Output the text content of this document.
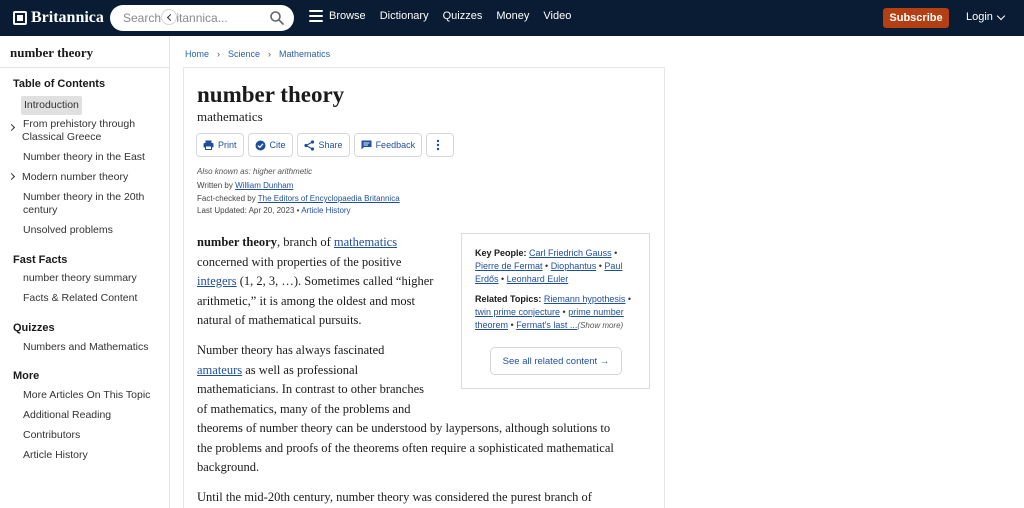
Britannica
Search Britannica...	Browse Dictionary Quizzes Money Video	Subscribe	Login
number theory
Table of Contents
Introduction
From prehistory through
Classical Greece
Number theory in the East
Modern number theory
Number theory in the 20th
century
Unsolved problems
Fast Facts
number theory summary
Facts & Related Content
Quizzes
Numbers and Mathematics
More
More Articles On This Topic
Additional Reading
Contributors
Article History
Home › Science › Mathematics
number theory
mathematics
Print	Cite	Share	Feedback
Also known as: higher arithmetic
Written by William Dunham
Fact-checked by The Editors of Encyclopaedia Britannica
Last Updated: Apr 20, 2023 • Article History
number theory, branch of mathematics
concerned with properties of the positive
integers (1, 2, 3, …). Sometimes called “higher
arithmetic,” it is among the oldest and most
natural of mathematical pursuits.
Number theory has always fascinated
amateurs as well as professional
mathematicians. In contrast to other branches
of mathematics, many of the problems and
theorems of number theory can be understood by laypersons, although solutions to
the problems and proofs of the theorems often require a sophisticated mathematical
background.
Until the mid-20th century, number theory was considered the purest branch of
Key People: Carl Friedrich Gauss • Pierre de Fermat • Diophantus • Paul Erdős • Leonhard Euler
Related Topics: Riemann hypothesis • twin prime conjecture • prime number theorem • Fermat's last ...(Show more)
See all related content →
